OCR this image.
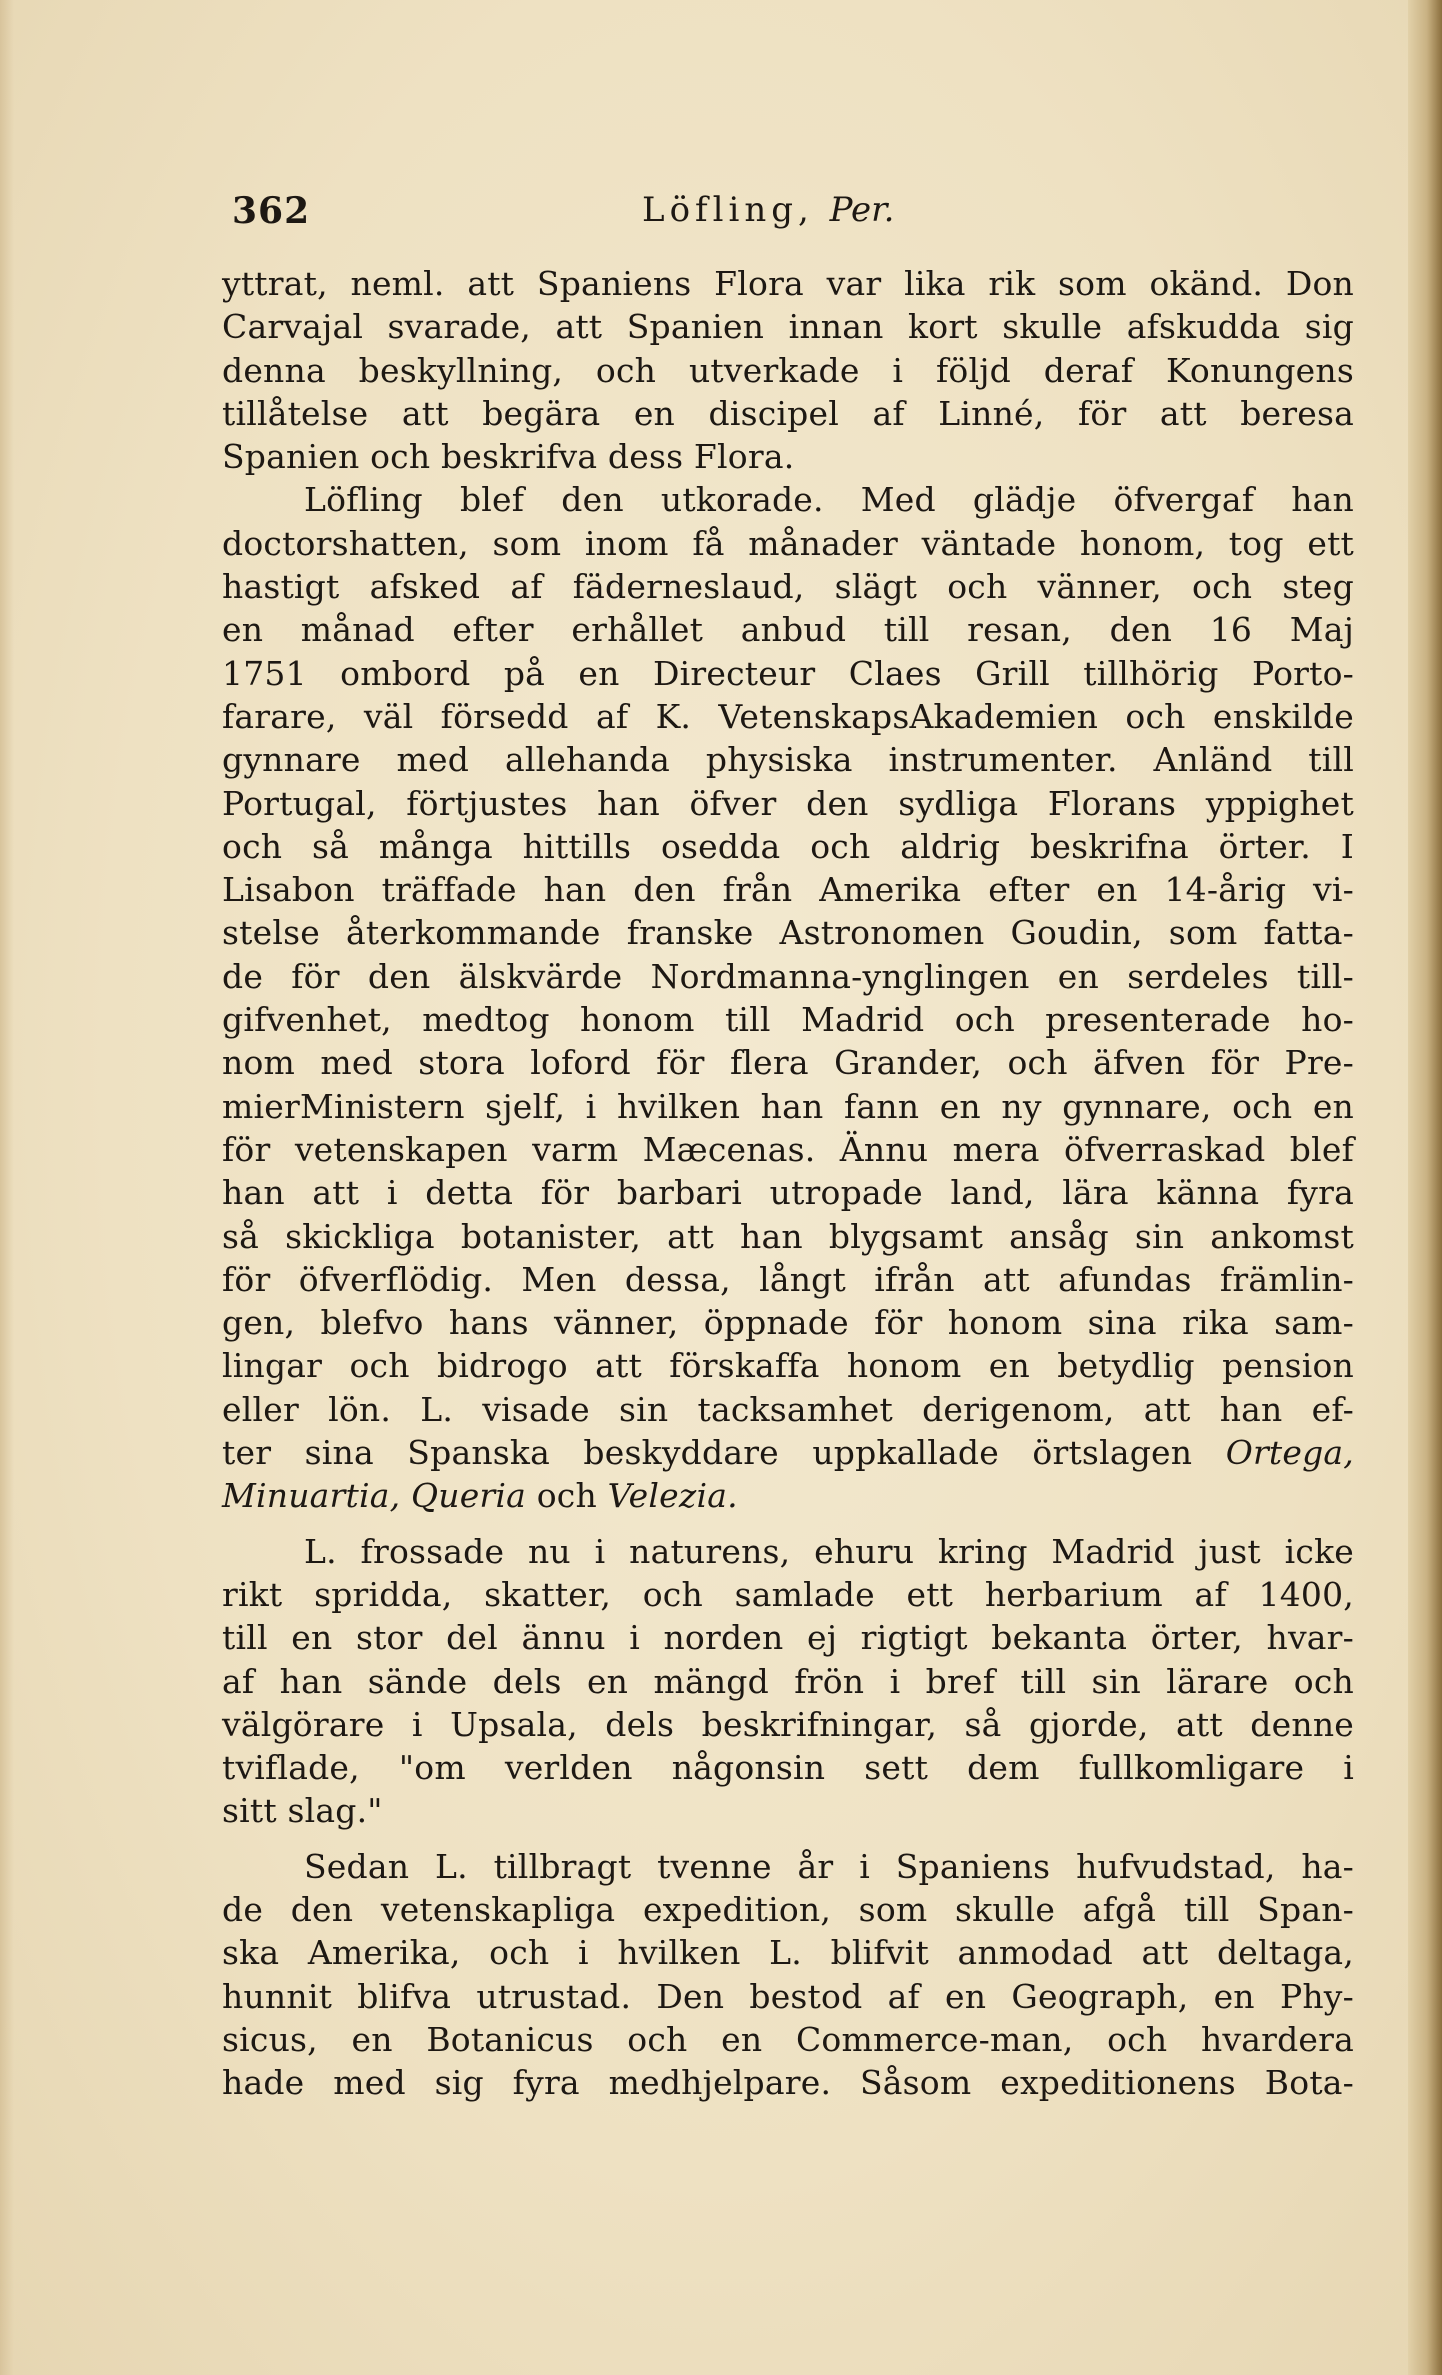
362	Löfling, Per.
yttrat, neml. att Spaniens Flora var lika rik som okänd. Don
Carvajal svarade, att Spanien innan kort skulle afskudda sig
denna beskyllning, och utverkade i följd deraf Konungens
tillåtelse att begära en discipel af Linné, för att beresa
Spanien och beskrifva dess Flora.
Löfling blef den utkorade. Med glädje öfvergaf han
doctorshatten, som inom få månader väntade honom, tog ett
hastigt afsked af fäderneslaud, slägt och vänner, och steg
en månad efter erhållet anbud till resan, den 16 Maj
1751 ombord på en Directeur Claes Grill tillhörig Porto-
farare, väl försedd af K. VetenskapsAkademien och enskilde
gynnare med allehanda physiska instrumenter. Anländ till
Portugal, förtjustes han öfver den sydliga Florans yppighet
och så många hittills osedda och aldrig beskrifna örter. I
Lisabon träffade han den från Amerika efter en 14-årig vi-
stelse återkommande franske Astronomen Goudin, som fatta-
de för den älskvärde Nordmanna-ynglingen en serdeles till-
gifvenhet, medtog honom till Madrid och presenterade ho-
nom med stora loford för flera Grander, och äfven för Pre-
mierMinistern sjelf, i hvilken han fann en ny gynnare, och en
för vetenskapen varm Mæcenas. Ännu mera öfverraskad blef
han att i detta för barbari utropade land, lära känna fyra
så skickliga botanister, att han blygsamt ansåg sin ankomst
för öfverflödig. Men dessa, långt ifrån att afundas främlin-
gen, blefvo hans vänner, öppnade för honom sina rika sam-
lingar och bidrogo att förskaffa honom en betydlig pension
eller lön. L. visade sin tacksamhet derigenom, att han ef-
ter sina Spanska beskyddare uppkallade örtslagen Ortega,
Minuartia, Queria och Velezia.
L. frossade nu i naturens, ehuru kring Madrid just icke
rikt spridda, skatter, och samlade ett herbarium af 1400,
till en stor del ännu i norden ej rigtigt bekanta örter, hvar-
af han sände dels en mängd frön i bref till sin lärare och
välgörare i Upsala, dels beskrifningar, så gjorde, att denne
tviflade, "om verlden någonsin sett dem fullkomligare i
sitt slag."
Sedan L. tillbragt tvenne år i Spaniens hufvudstad, ha-
de den vetenskapliga expedition, som skulle afgå till Span-
ska Amerika, och i hvilken L. blifvit anmodad att deltaga,
hunnit blifva utrustad. Den bestod af en Geograph, en Phy-
sicus, en Botanicus och en Commerce-man, och hvardera
hade med sig fyra medhjelpare. Såsom expeditionens Bota-
